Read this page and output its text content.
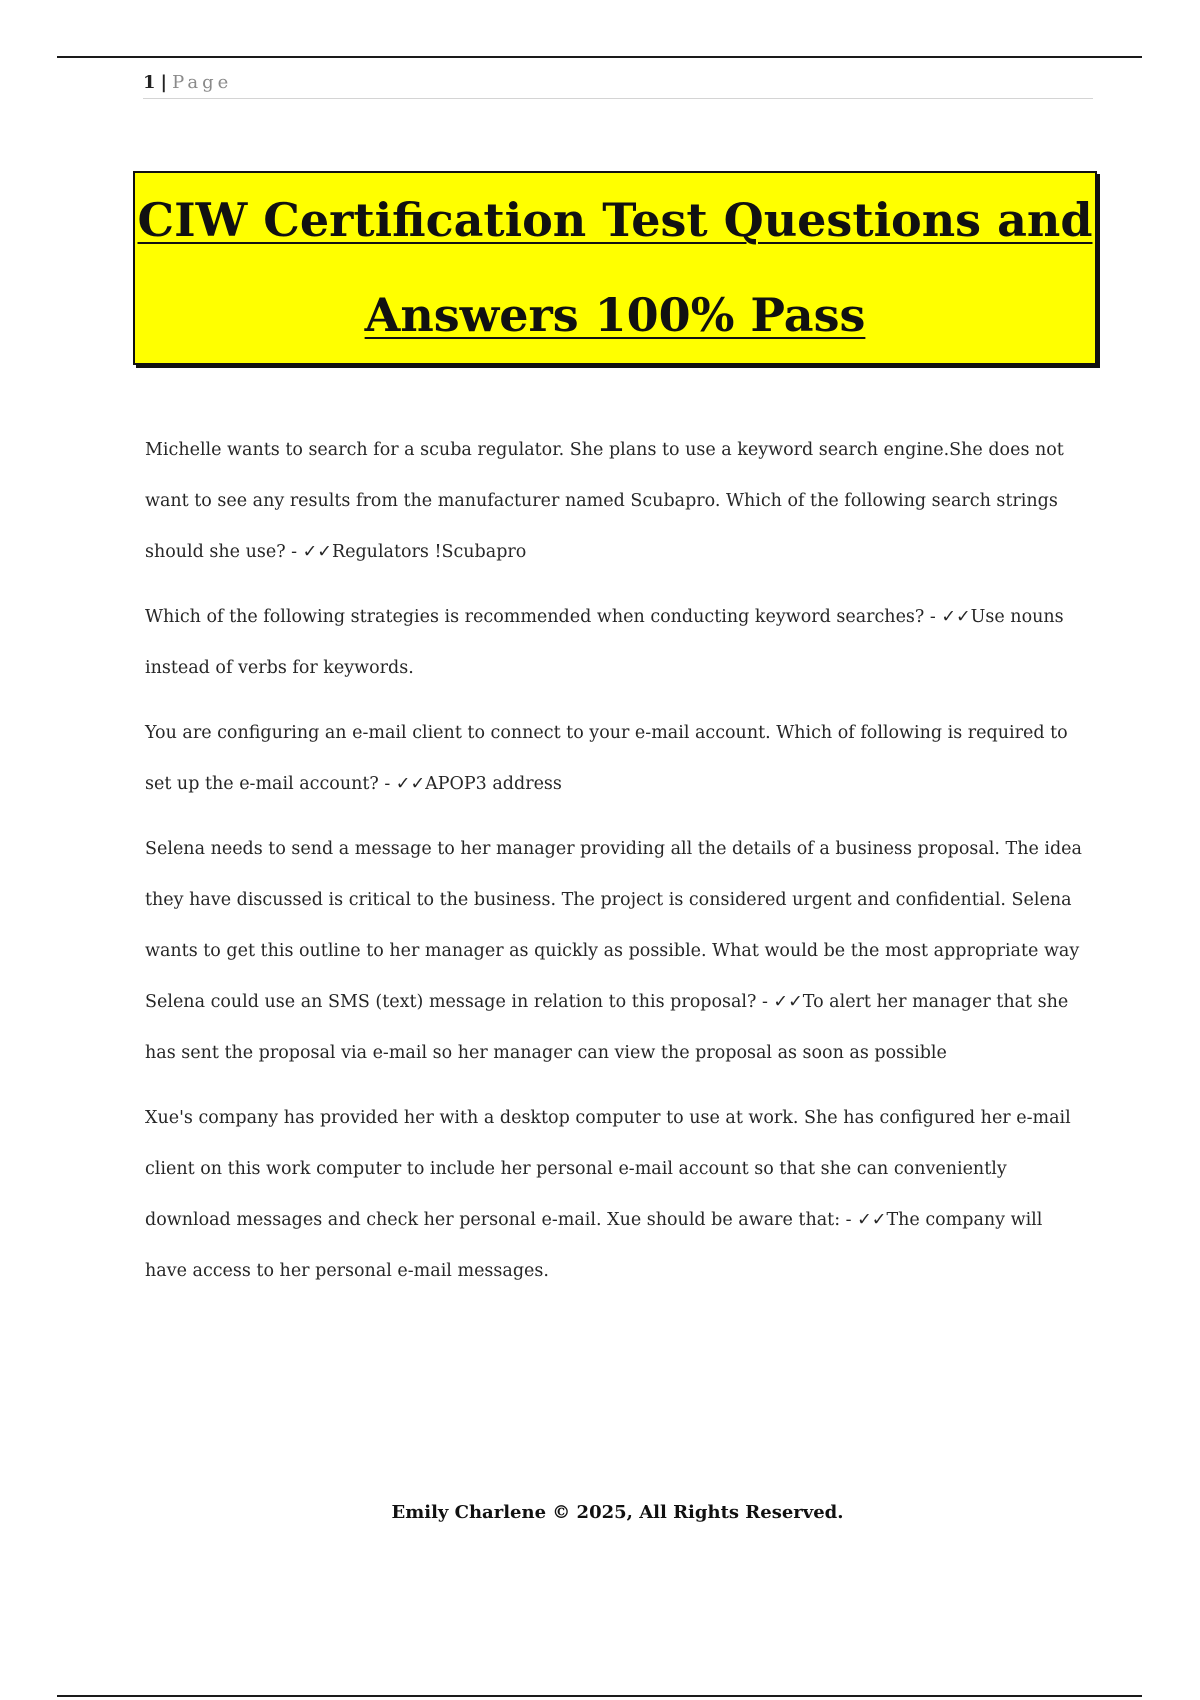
1 | Page
CIW Certification Test Questions and
Answers 100% Pass

Michelle wants to search for a scuba regulator. She plans to use a keyword search engine.She does not want to see any results from the manufacturer named Scubapro. Which of the following search strings should she use? - ✓✓Regulators !Scubapro

Which of the following strategies is recommended when conducting keyword searches? - ✓✓Use nouns instead of verbs for keywords.

You are configuring an e-mail client to connect to your e-mail account. Which of following is required to set up the e-mail account? - ✓✓APOP3 address

Selena needs to send a message to her manager providing all the details of a business proposal. The idea they have discussed is critical to the business. The project is considered urgent and confidential. Selena wants to get this outline to her manager as quickly as possible. What would be the most appropriate way Selena could use an SMS (text) message in relation to this proposal? - ✓✓To alert her manager that she has sent the proposal via e-mail so her manager can view the proposal as soon as possible

Xue's company has provided her with a desktop computer to use at work. She has configured her e-mail client on this work computer to include her personal e-mail account so that she can conveniently download messages and check her personal e-mail. Xue should be aware that: - ✓✓The company will have access to her personal e-mail messages.

Emily Charlene © 2025, All Rights Reserved.
